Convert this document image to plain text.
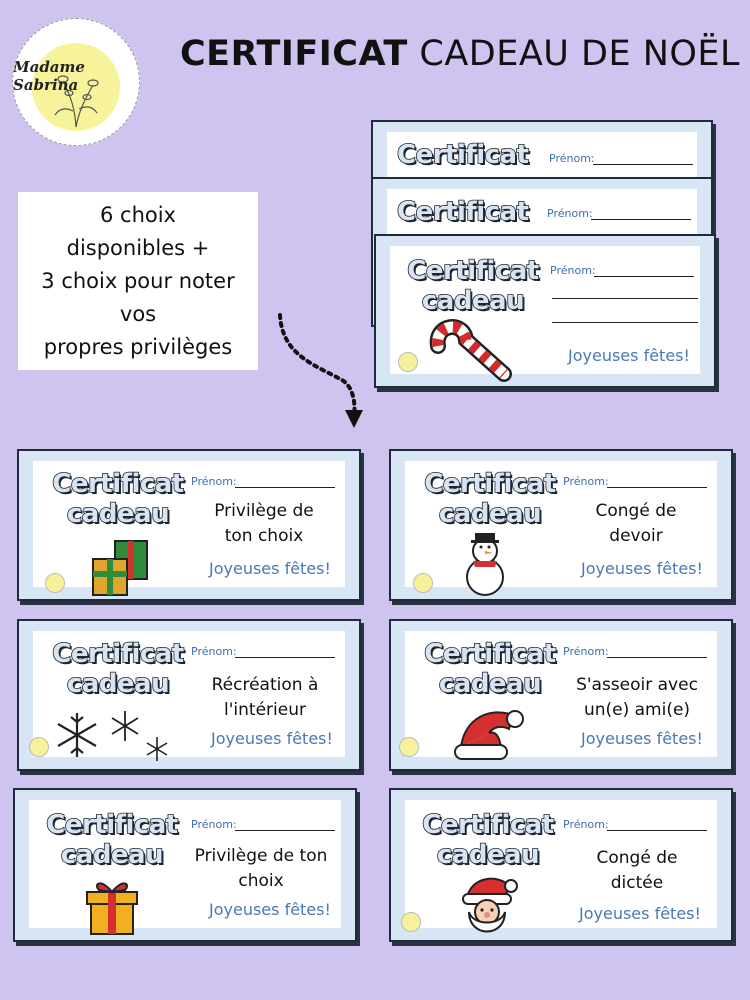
Madame Sabrina
CERTIFICAT CADEAU DE NOËL
6 choix
disponibles +
3 choix pour noter
vos
propres privilèges
Certificat Prénom:
Certificat Prénom:
Certificat
cadeau
Prénom:
Joyeuses fêtes!
Certificat
cadeau
Prénom:
Privilège de
ton choix
Joyeuses fêtes!
Certificat
cadeau
Prénom:
Congé de
devoir
Joyeuses fêtes!
Certificat
cadeau
Prénom:
Récréation à
l'intérieur
Joyeuses fêtes!
Certificat
cadeau
Prénom:
S'asseoir avec
un(e) ami(e)
Joyeuses fêtes!
Certificat
cadeau
Prénom:
Privilège de ton
choix
Joyeuses fêtes!
Certificat
cadeau
Prénom:
Congé de
dictée
Joyeuses fêtes!
